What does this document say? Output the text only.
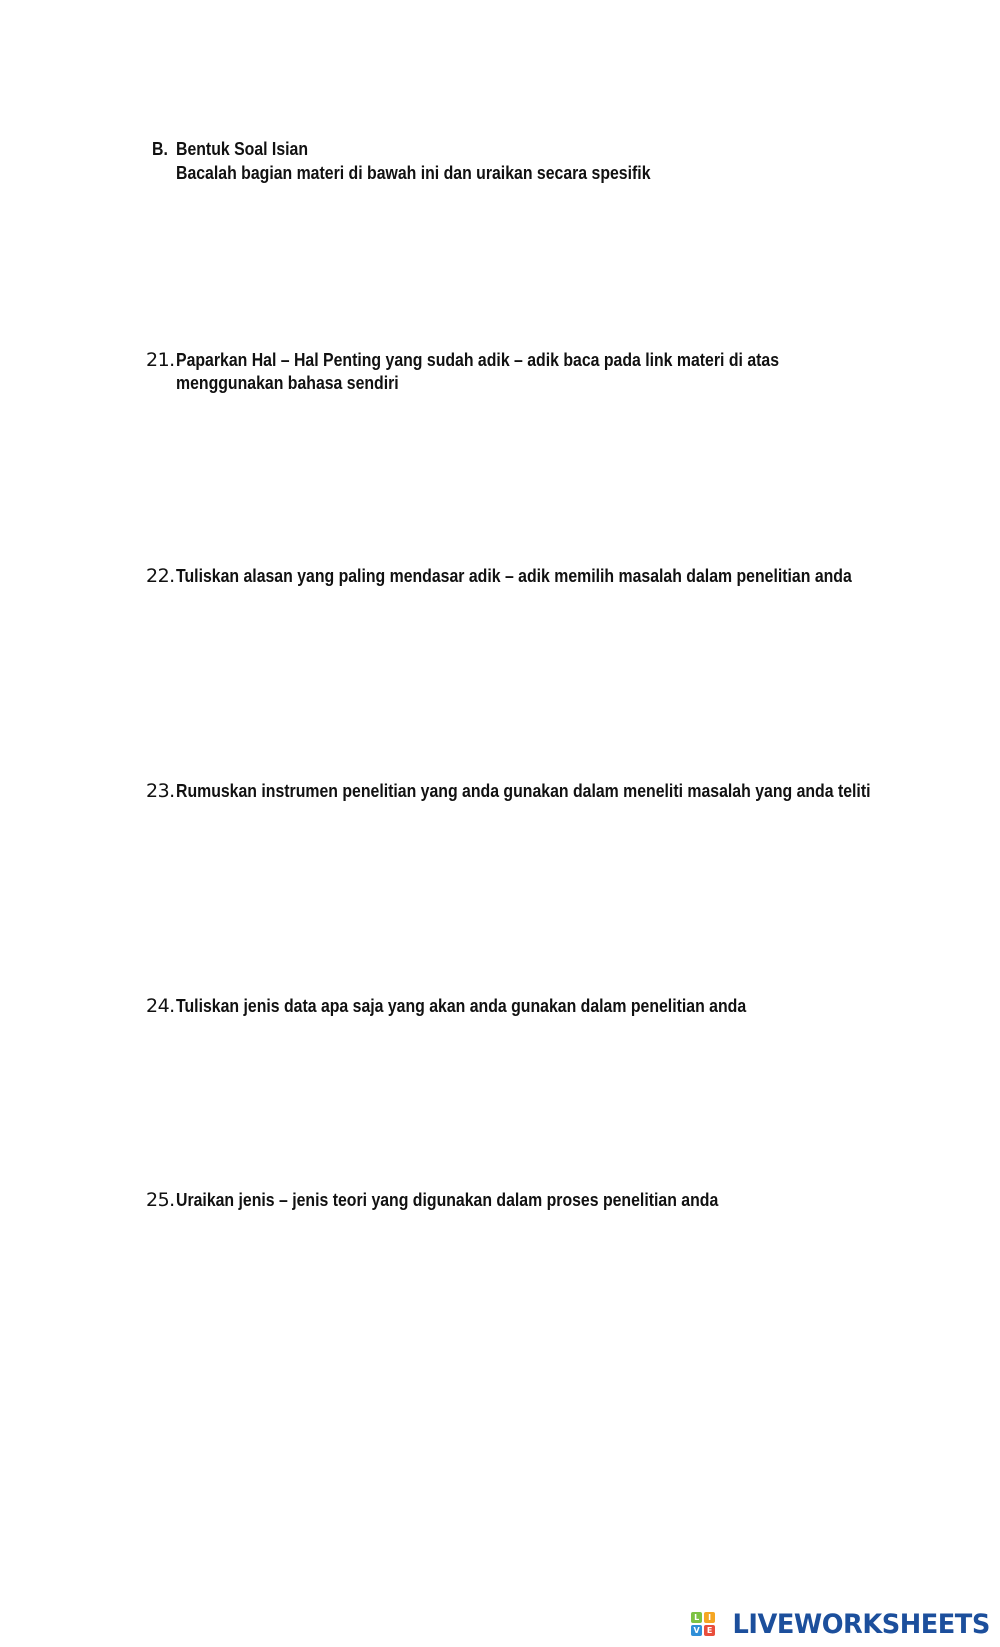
B. Bentuk Soal Isian
Bacalah bagian materi di bawah ini dan uraikan secara spesifik
21. Paparkan Hal – Hal Penting yang sudah adik – adik baca pada link materi di atas
menggunakan bahasa sendiri
22. Tuliskan alasan yang paling mendasar adik – adik memilih masalah dalam penelitian anda
23. Rumuskan instrumen penelitian yang anda gunakan dalam meneliti masalah yang anda teliti
24. Tuliskan jenis data apa saja yang akan anda gunakan dalam penelitian anda
25. Uraikan jenis – jenis teori yang digunakan dalam proses penelitian anda
L	I
V E LIVEWORKSHEETS
